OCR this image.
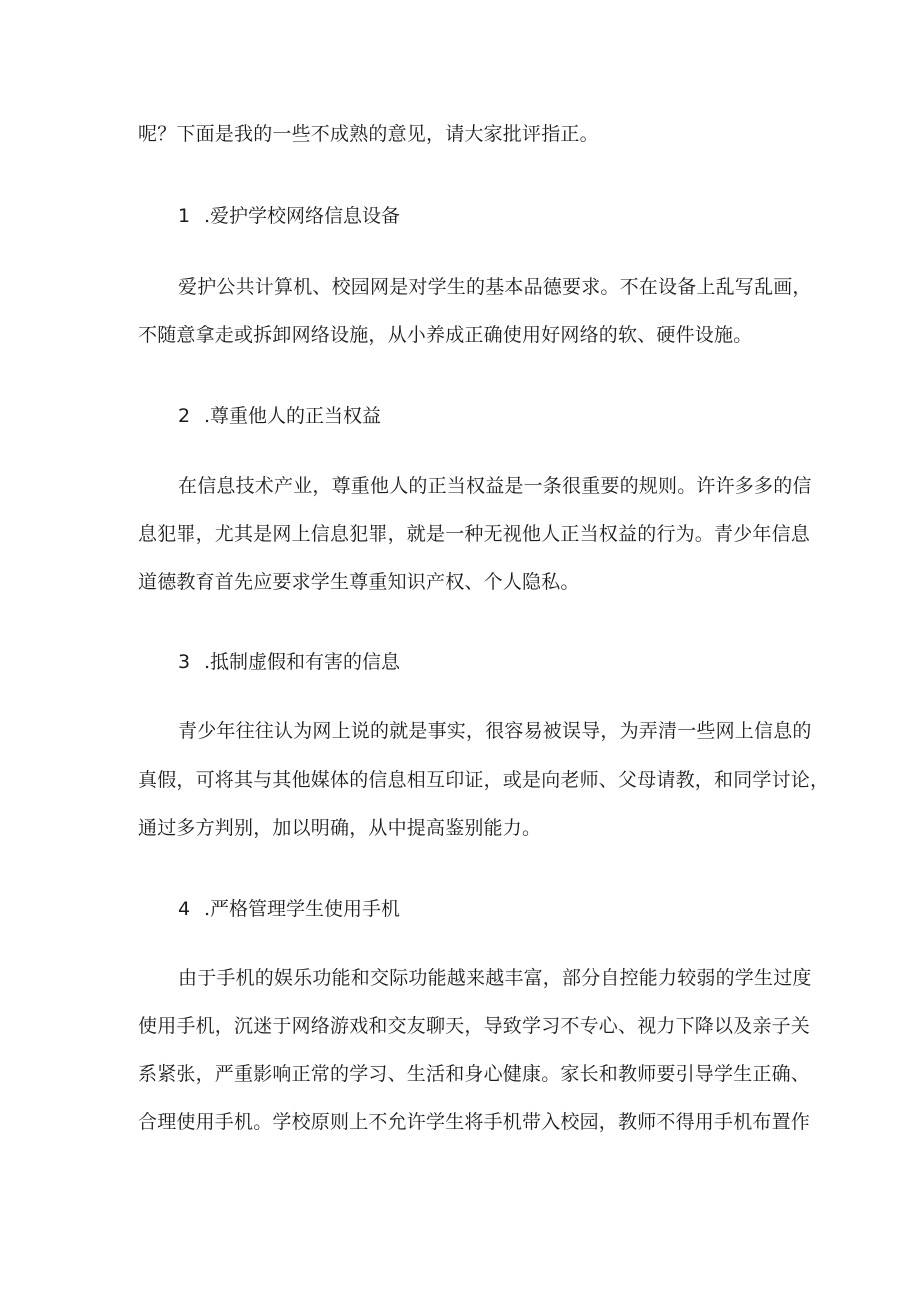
呢？下面是我的一些不成熟的意见，请大家批评指正。
1 .爱护学校网络信息设备
爱护公共计算机、校园网是对学生的基本品德要求。不在设备上乱写乱画，
不随意拿走或拆卸网络设施，从小养成正确使用好网络的软、硬件设施。
2 .尊重他人的正当权益
在信息技术产业，尊重他人的正当权益是一条很重要的规则。许许多多的信
息犯罪，尤其是网上信息犯罪，就是一种无视他人正当权益的行为。青少年信息
道德教育首先应要求学生尊重知识产权、个人隐私。
3 .抵制虚假和有害的信息
青少年往往认为网上说的就是事实，很容易被误导，为弄清一些网上信息的
真假，可将其与其他媒体的信息相互印证，或是向老师、父母请教，和同学讨论，
通过多方判别，加以明确，从中提高鉴别能力。
4 .严格管理学生使用手机
由于手机的娱乐功能和交际功能越来越丰富，部分自控能力较弱的学生过度
使用手机，沉迷于网络游戏和交友聊天，导致学习不专心、视力下降以及亲子关
系紧张，严重影响正常的学习、生活和身心健康。家长和教师要引导学生正确、
合理使用手机。学校原则上不允许学生将手机带入校园，教师不得用手机布置作
